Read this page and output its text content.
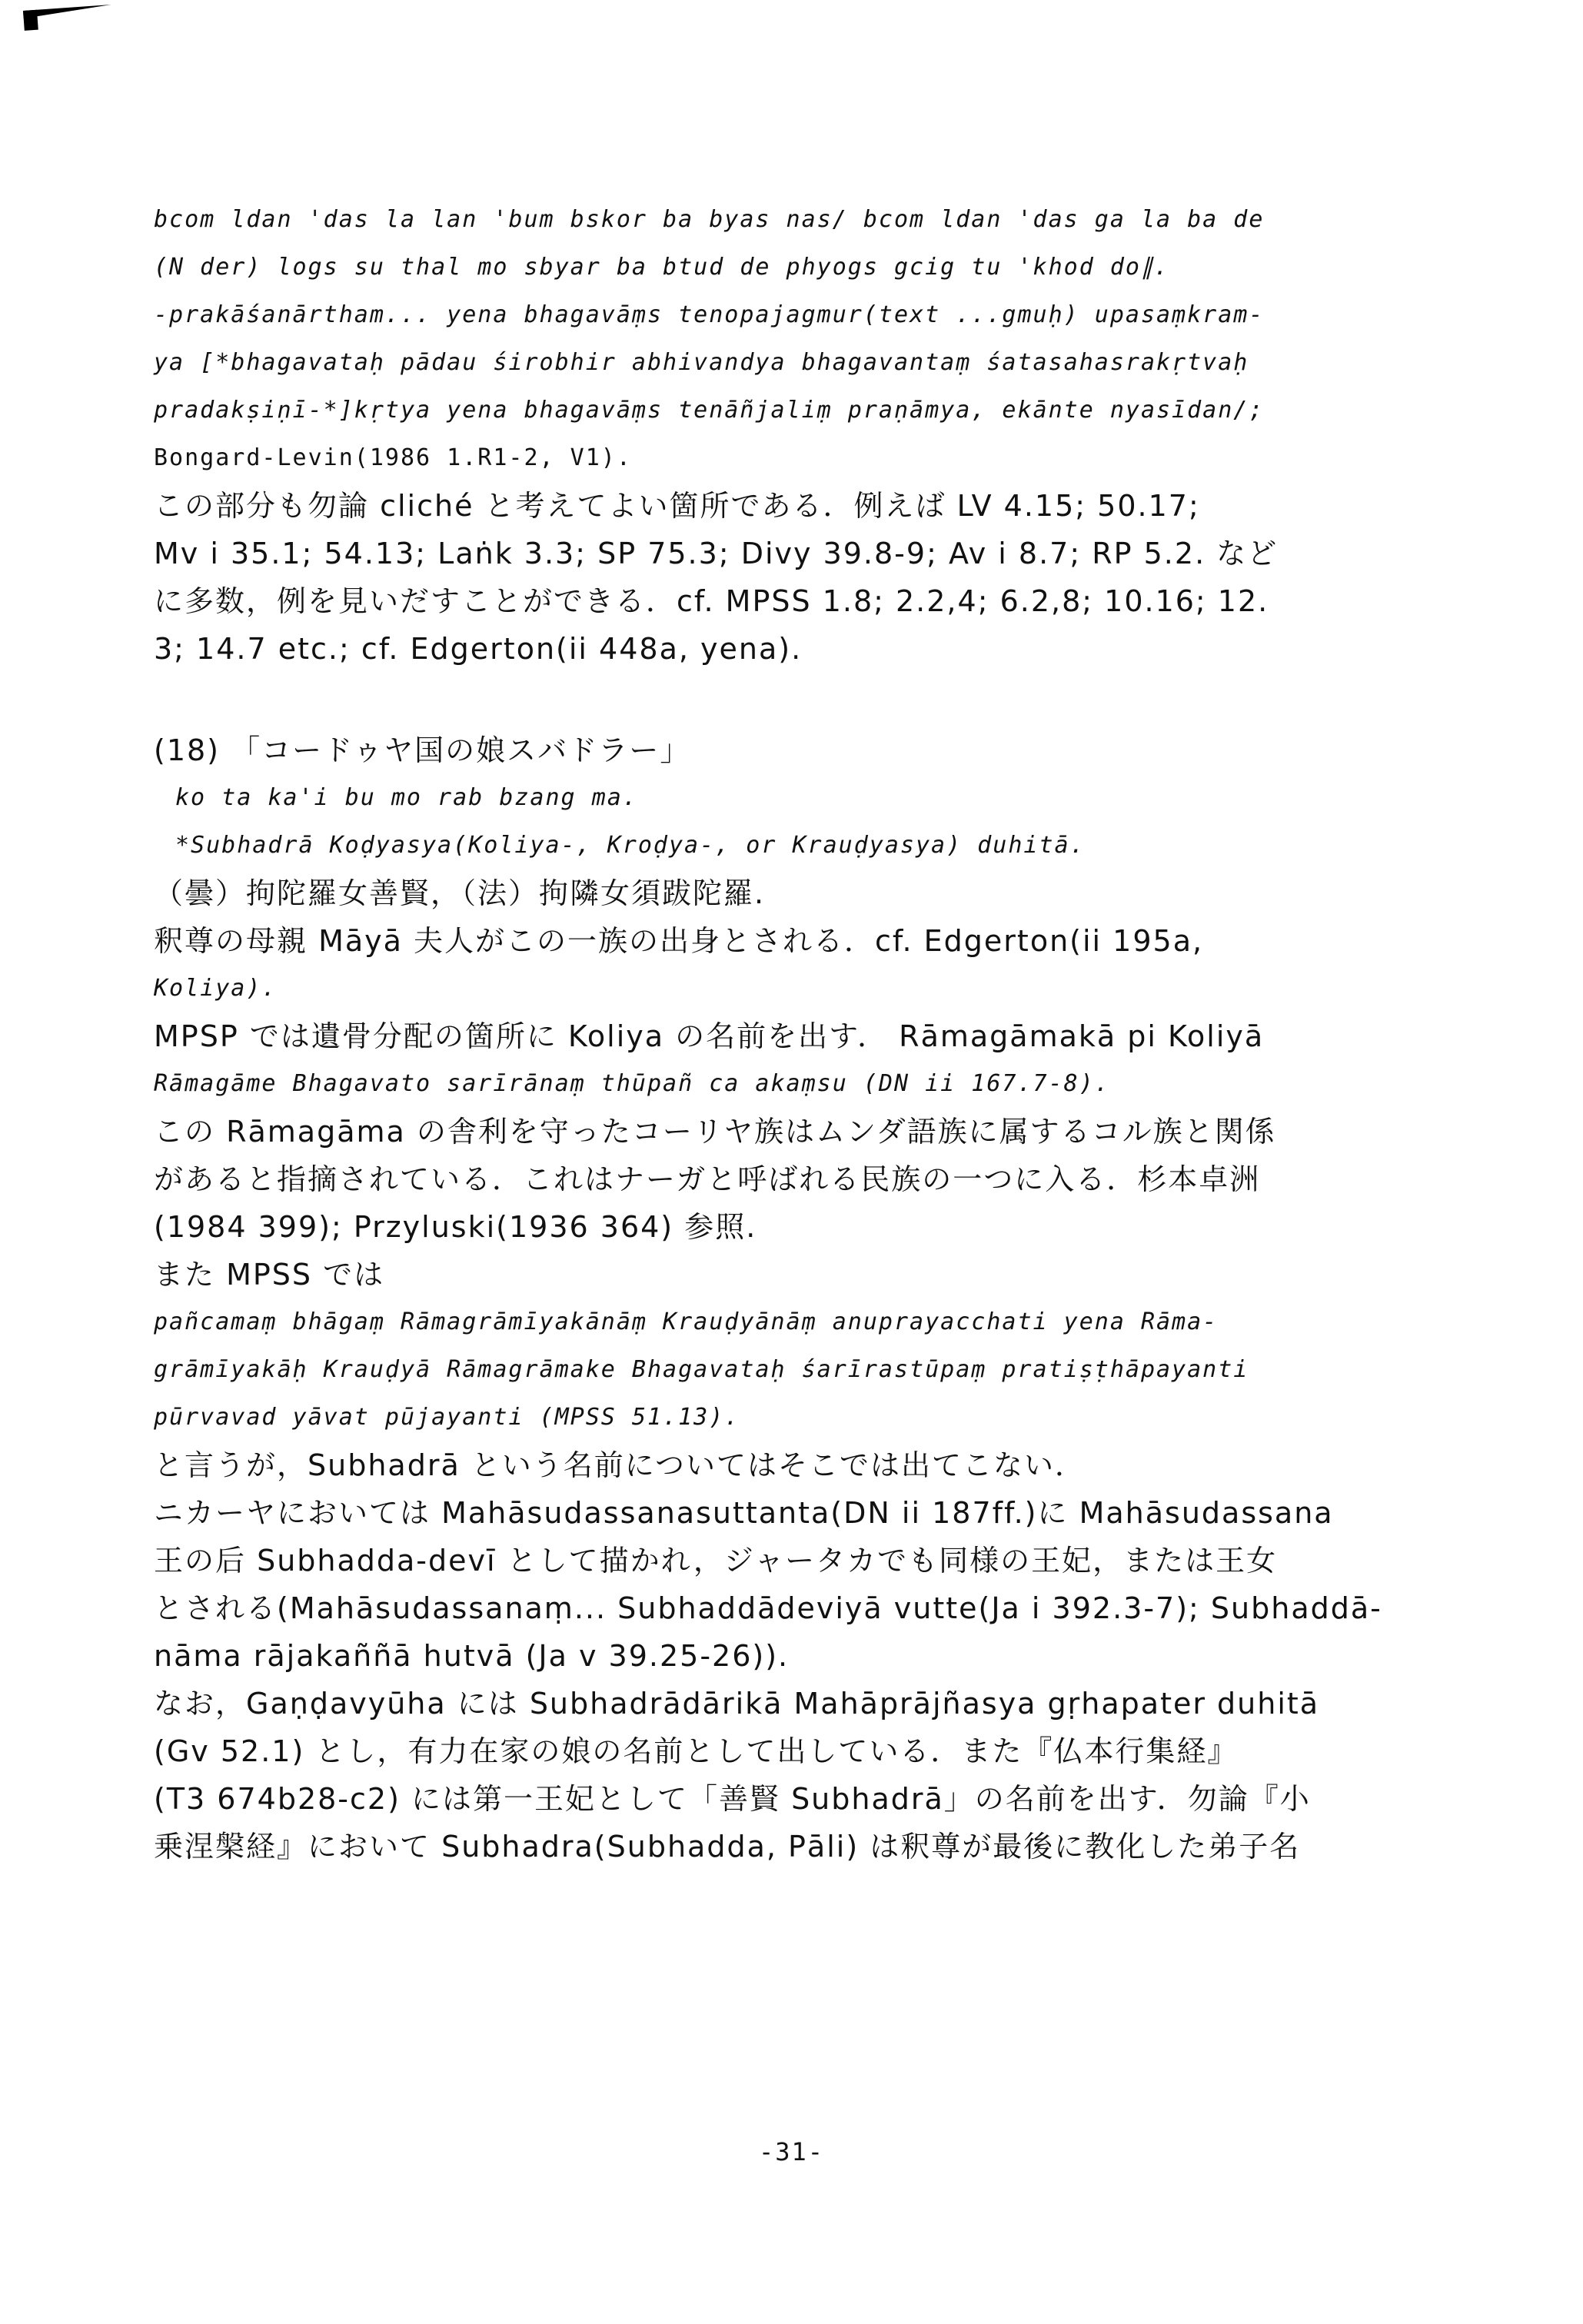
bcom ldan 'das la lan 'bum bskor ba byas nas/ bcom ldan 'das ga la ba de
(N der) logs su thal mo sbyar ba btud de phyogs gcig tu 'khod do∥.
-prakāśanārtham... yena bhagavāṃs tenopajagmur(text ...gmuḥ) upasaṃkram-
ya [*bhagavataḥ pādau śirobhir abhivandya bhagavantaṃ śatasahasrakṛtvaḥ
pradakṣiṇī-*]kṛtya yena bhagavāṃs tenāñjaliṃ praṇāmya, ekānte nyasīdan/;
Bongard-Levin(1986 1.R1-2, V1).
この部分も勿論 cliché と考えてよい箇所である．例えば LV 4.15; 50.17;
Mv i 35.1; 54.13; Laṅk 3.3; SP 75.3; Divy 39.8-9; Av i 8.7; RP 5.2. など
に多数，例を見いだすことができる．cf. MPSS 1.8; 2.2,4; 6.2,8; 10.16; 12.
3; 14.7 etc.; cf. Edgerton(ii 448a, yena).
(18) 「コードゥヤ国の娘スバドラー」
ko ta ka'i bu mo rab bzang ma.
*Subhadrā Koḍyasya(Koliya-, Kroḍya-, or Krauḍyasya) duhitā.
（曇）拘陀羅女善賢，（法）拘隣女須跋陀羅.
釈尊の母親 Māyā 夫人がこの一族の出身とされる．cf. Edgerton(ii 195a,
Koliya).
MPSP では遺骨分配の箇所に Koliya の名前を出す． Rāmagāmakā pi Koliyā
Rāmagāme Bhagavato sarīrānaṃ thūpañ ca akaṃsu (DN ii 167.7-8).
この Rāmagāma の舎利を守ったコーリヤ族はムンダ語族に属するコル族と関係
があると指摘されている．これはナーガと呼ばれる民族の一つに入る．杉本卓洲
(1984 399); Przyluski(1936 364) 参照.
また MPSS では
pañcamaṃ bhāgaṃ Rāmagrāmīyakānāṃ Krauḍyānāṃ anuprayacchati yena Rāma-
grāmīyakāḥ Krauḍyā Rāmagrāmake Bhagavataḥ śarīrastūpaṃ pratiṣṭhāpayanti
pūrvavad yāvat pūjayanti (MPSS 51.13).
と言うが，Subhadrā という名前についてはそこでは出てこない．
ニカーヤにおいては Mahāsudassanasuttanta(DN ii 187ff.)に Mahāsudassana
王の后 Subhadda-devī として描かれ，ジャータカでも同様の王妃，または王女
とされる(Mahāsudassanaṃ... Subhaddādeviyā vutte(Ja i 392.3-7); Subhaddā-
nāma rājakaññā hutvā (Ja v 39.25-26)).
なお，Gaṇḍavyūha には Subhadrādārikā Mahāprājñasya gṛhapater duhitā
(Gv 52.1) とし，有力在家の娘の名前として出している．また『仏本行集経』
(T3 674b28-c2) には第一王妃として「善賢 Subhadrā」の名前を出す．勿論『小
乗涅槃経』において Subhadra(Subhadda, Pāli) は釈尊が最後に教化した弟子名
-31-
